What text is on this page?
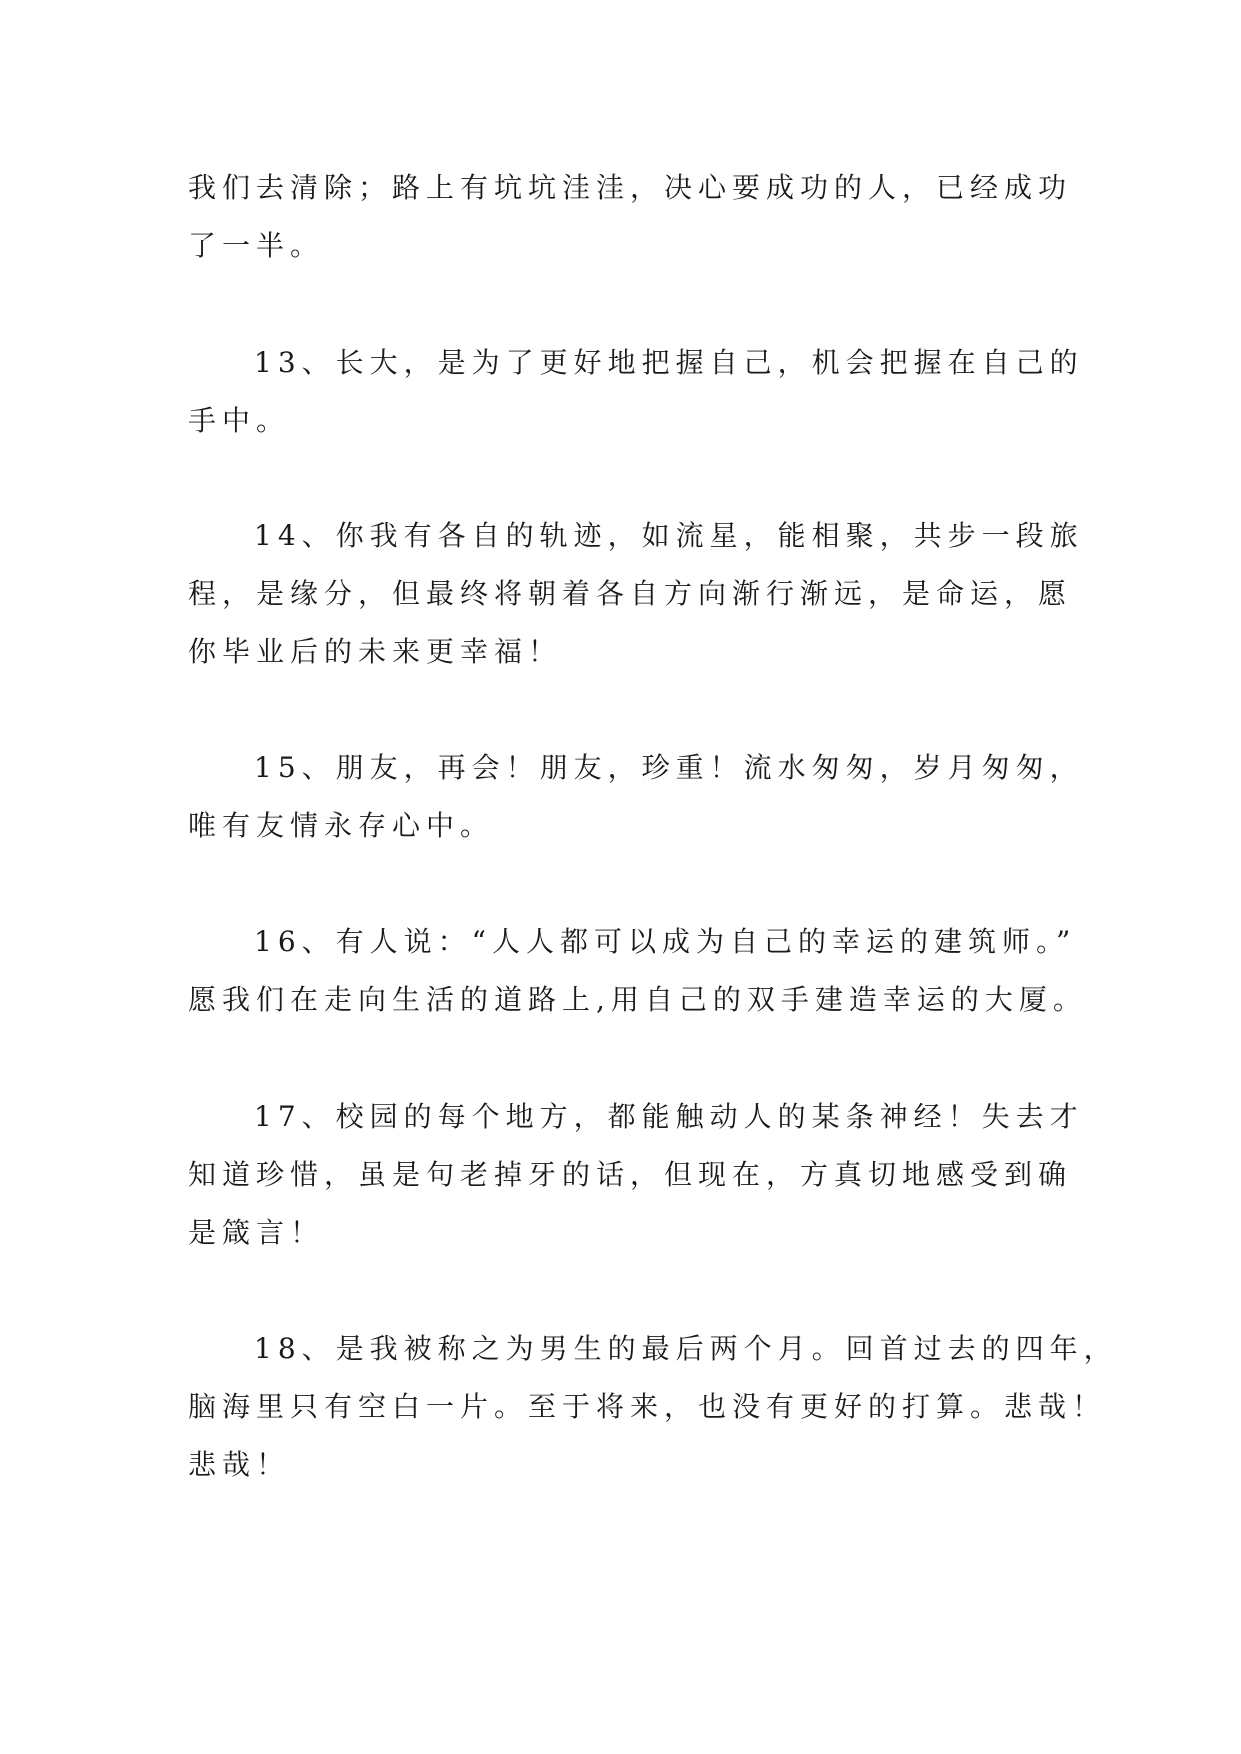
我们去清除；路上有坑坑洼洼，决心要成功的人，已经成功
了一半。

13、长大，是为了更好地把握自己，机会把握在自己的
手中。

14、你我有各自的轨迹，如流星，能相聚，共步一段旅
程，是缘分，但最终将朝着各自方向渐行渐远，是命运，愿
你毕业后的未来更幸福！

15、朋友，再会！朋友，珍重！流水匆匆，岁月匆匆，
唯有友情永存心中。

16、有人说：“人人都可以成为自己的幸运的建筑师。”
愿我们在走向生活的道路上,用自己的双手建造幸运的大厦。

17、校园的每个地方，都能触动人的某条神经！失去才
知道珍惜，虽是句老掉牙的话，但现在，方真切地感受到确
是箴言！

18、是我被称之为男生的最后两个月。回首过去的四年，
脑海里只有空白一片。至于将来，也没有更好的打算。悲哉！
悲哉！
